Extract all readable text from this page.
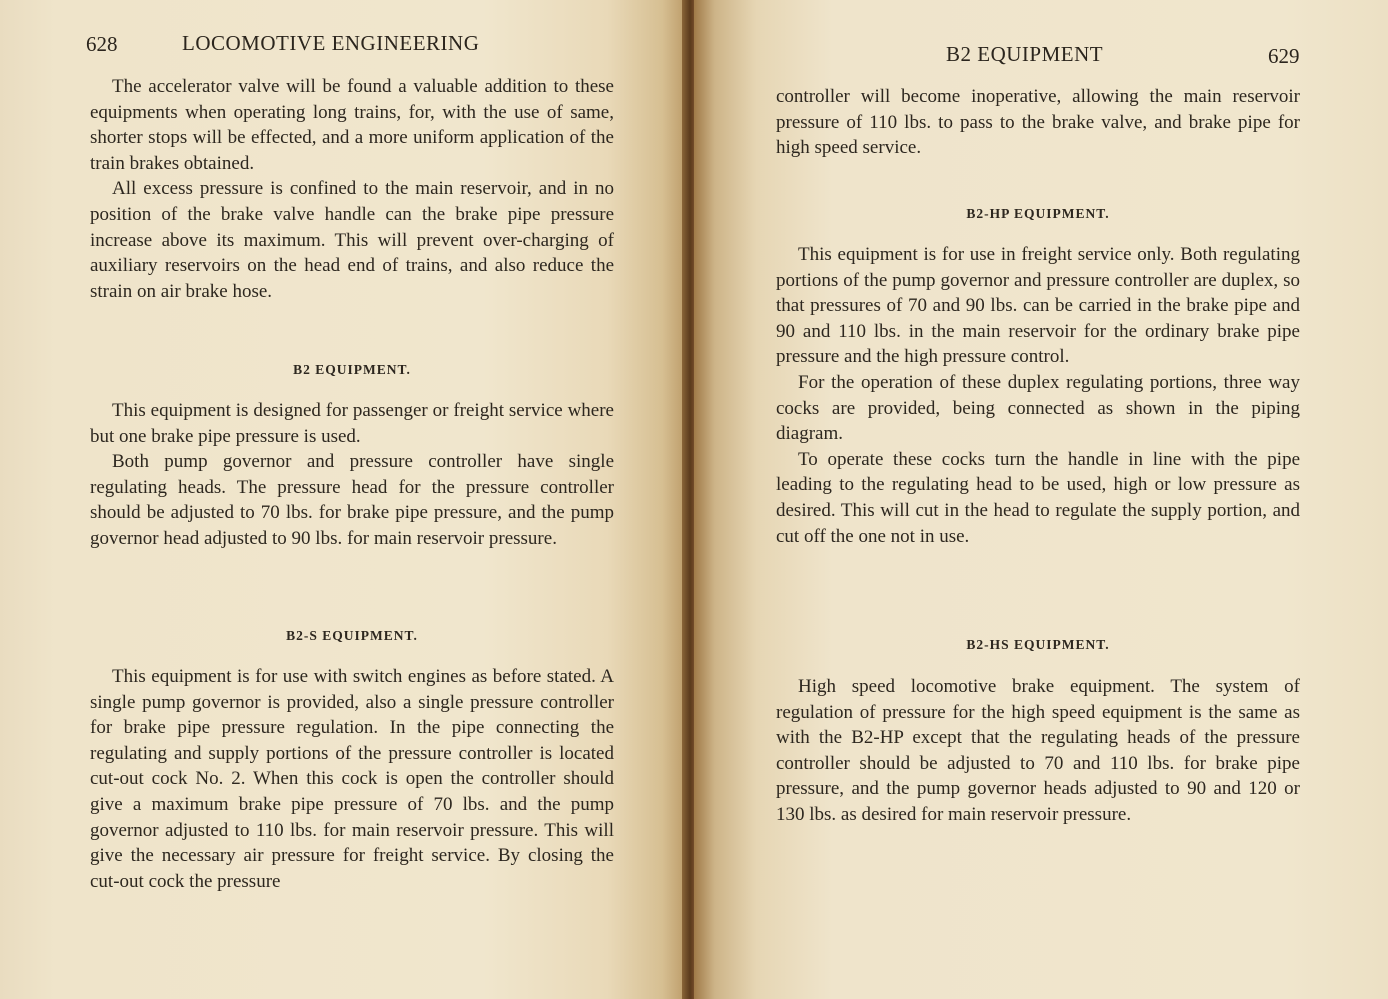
628	LOCOMOTIVE ENGINEERING

The accelerator valve will be found a valuable addition to these equipments when operating long trains, for, with the use of same, shorter stops will be effected, and a more uniform application of the train brakes obtained.

All excess pressure is confined to the main reservoir, and in no position of the brake valve handle can the brake pipe pressure increase above its maximum. This will prevent over-charging of auxiliary reservoirs on the head end of trains, and also reduce the strain on air brake hose.

B2 EQUIPMENT.

This equipment is designed for passenger or freight service where but one brake pipe pressure is used.

Both pump governor and pressure controller have single regulating heads. The pressure head for the pressure controller should be adjusted to 70 lbs. for brake pipe pressure, and the pump governor head adjusted to 90 lbs. for main reservoir pressure.

B2-S EQUIPMENT.

This equipment is for use with switch engines as before stated. A single pump governor is provided, also a single pressure controller for brake pipe pressure regulation. In the pipe connecting the regulating and supply portions of the pressure controller is located cut-out cock No. 2. When this cock is open the controller should give a maximum brake pipe pressure of 70 lbs. and the pump governor adjusted to 110 lbs. for main reservoir pressure. This will give the necessary air pressure for freight service. By closing the cut-out cock the pressure

B2 EQUIPMENT	629

controller will become inoperative, allowing the main reservoir pressure of 110 lbs. to pass to the brake valve, and brake pipe for high speed service.

B2-HP EQUIPMENT.

This equipment is for use in freight service only. Both regulating portions of the pump governor and pressure controller are duplex, so that pressures of 70 and 90 lbs. can be carried in the brake pipe and 90 and 110 lbs. in the main reservoir for the ordinary brake pipe pressure and the high pressure control.

For the operation of these duplex regulating portions, three way cocks are provided, being connected as shown in the piping diagram.

To operate these cocks turn the handle in line with the pipe leading to the regulating head to be used, high or low pressure as desired. This will cut in the head to regulate the supply portion, and cut off the one not in use.

B2-HS EQUIPMENT.

High speed locomotive brake equipment. The system of regulation of pressure for the high speed equipment is the same as with the B2-HP except that the regulating heads of the pressure controller should be adjusted to 70 and 110 lbs. for brake pipe pressure, and the pump governor heads adjusted to 90 and 120 or 130 lbs. as desired for main reservoir pressure.
